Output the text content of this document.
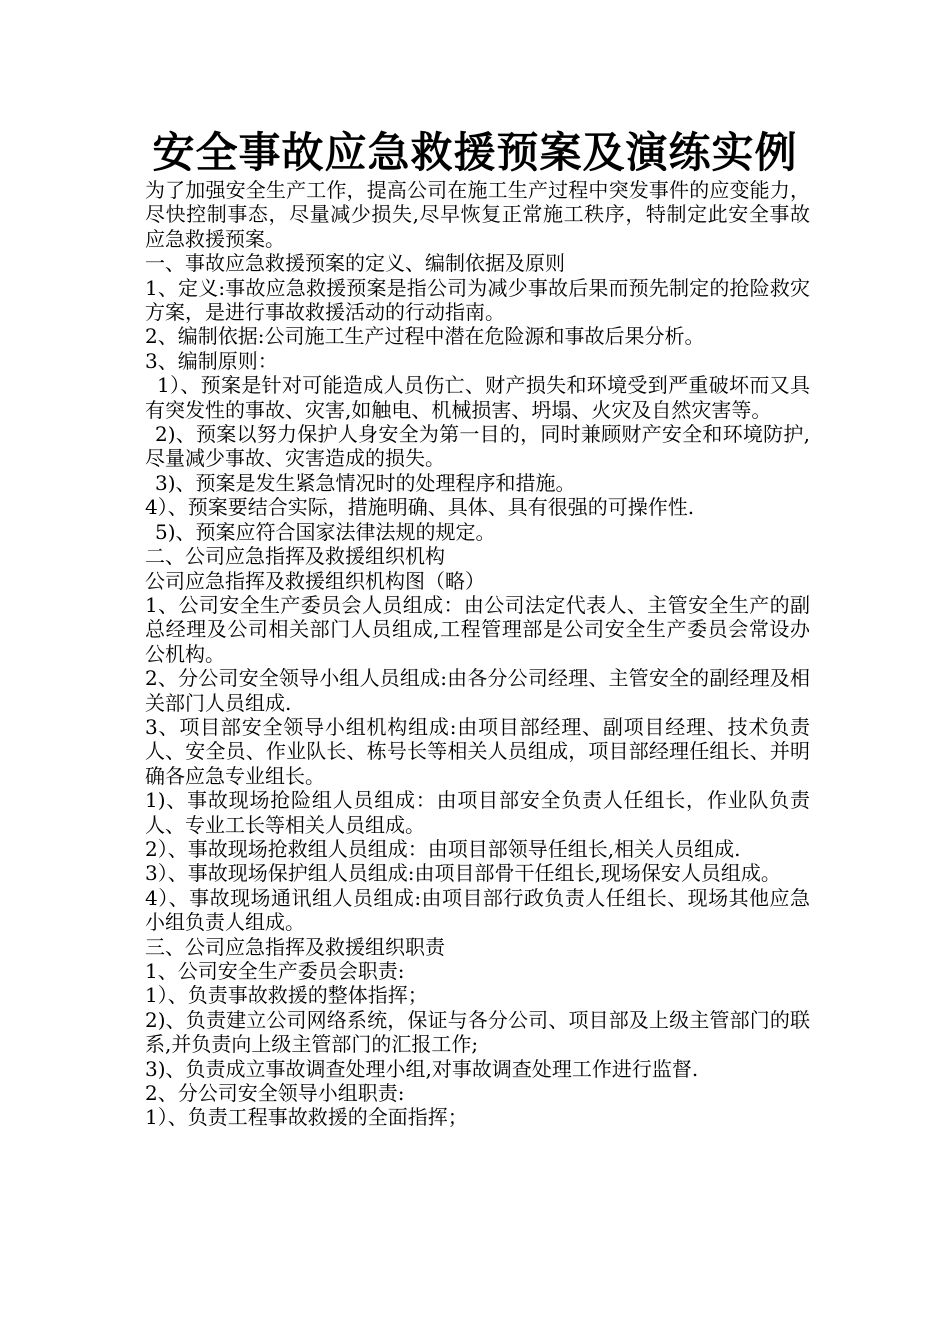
安全事故应急救援预案及演练实例

为了加强安全生产工作，提高公司在施工生产过程中突发事件的应变能力，尽快控制事态，尽量减少损失,尽早恢复正常施工秩序，特制定此安全事故应急救援预案。

一、事故应急救援预案的定义、编制依据及原则

1、定义:事故应急救援预案是指公司为减少事故后果而预先制定的抢险救灾方案，是进行事故救援活动的行动指南。

2、编制依据:公司施工生产过程中潜在危险源和事故后果分析。

3、编制原则：

1）、预案是针对可能造成人员伤亡、财产损失和环境受到严重破坏而又具有突发性的事故、灾害,如触电、机械损害、坍塌、火灾及自然灾害等。

2)、预案以努力保护人身安全为第一目的，同时兼顾财产安全和环境防护,尽量减少事故、灾害造成的损失。

3)、预案是发生紧急情况时的处理程序和措施。

4）、预案要结合实际，措施明确、具体、具有很强的可操作性.

5)、预案应符合国家法律法规的规定。

二、公司应急指挥及救援组织机构

公司应急指挥及救援组织机构图（略）

1、公司安全生产委员会人员组成：由公司法定代表人、主管安全生产的副总经理及公司相关部门人员组成,工程管理部是公司安全生产委员会常设办公机构。

2、分公司安全领导小组人员组成:由各分公司经理、主管安全的副经理及相关部门人员组成.

3、项目部安全领导小组机构组成:由项目部经理、副项目经理、技术负责人、安全员、作业队长、栋号长等相关人员组成，项目部经理任组长、并明确各应急专业组长。

1)、事故现场抢险组人员组成：由项目部安全负责人任组长，作业队负责人、专业工长等相关人员组成。

2）、事故现场抢救组人员组成：由项目部领导任组长,相关人员组成.

3）、事故现场保护组人员组成:由项目部骨干任组长,现场保安人员组成。

4）、事故现场通讯组人员组成:由项目部行政负责人任组长、现场其他应急小组负责人组成。

三、公司应急指挥及救援组织职责

1、公司安全生产委员会职责:

1）、负责事故救援的整体指挥；

2)、负责建立公司网络系统，保证与各分公司、项目部及上级主管部门的联系,并负责向上级主管部门的汇报工作;

3)、负责成立事故调查处理小组,对事故调查处理工作进行监督.

2、分公司安全领导小组职责:

1）、负责工程事故救援的全面指挥；
